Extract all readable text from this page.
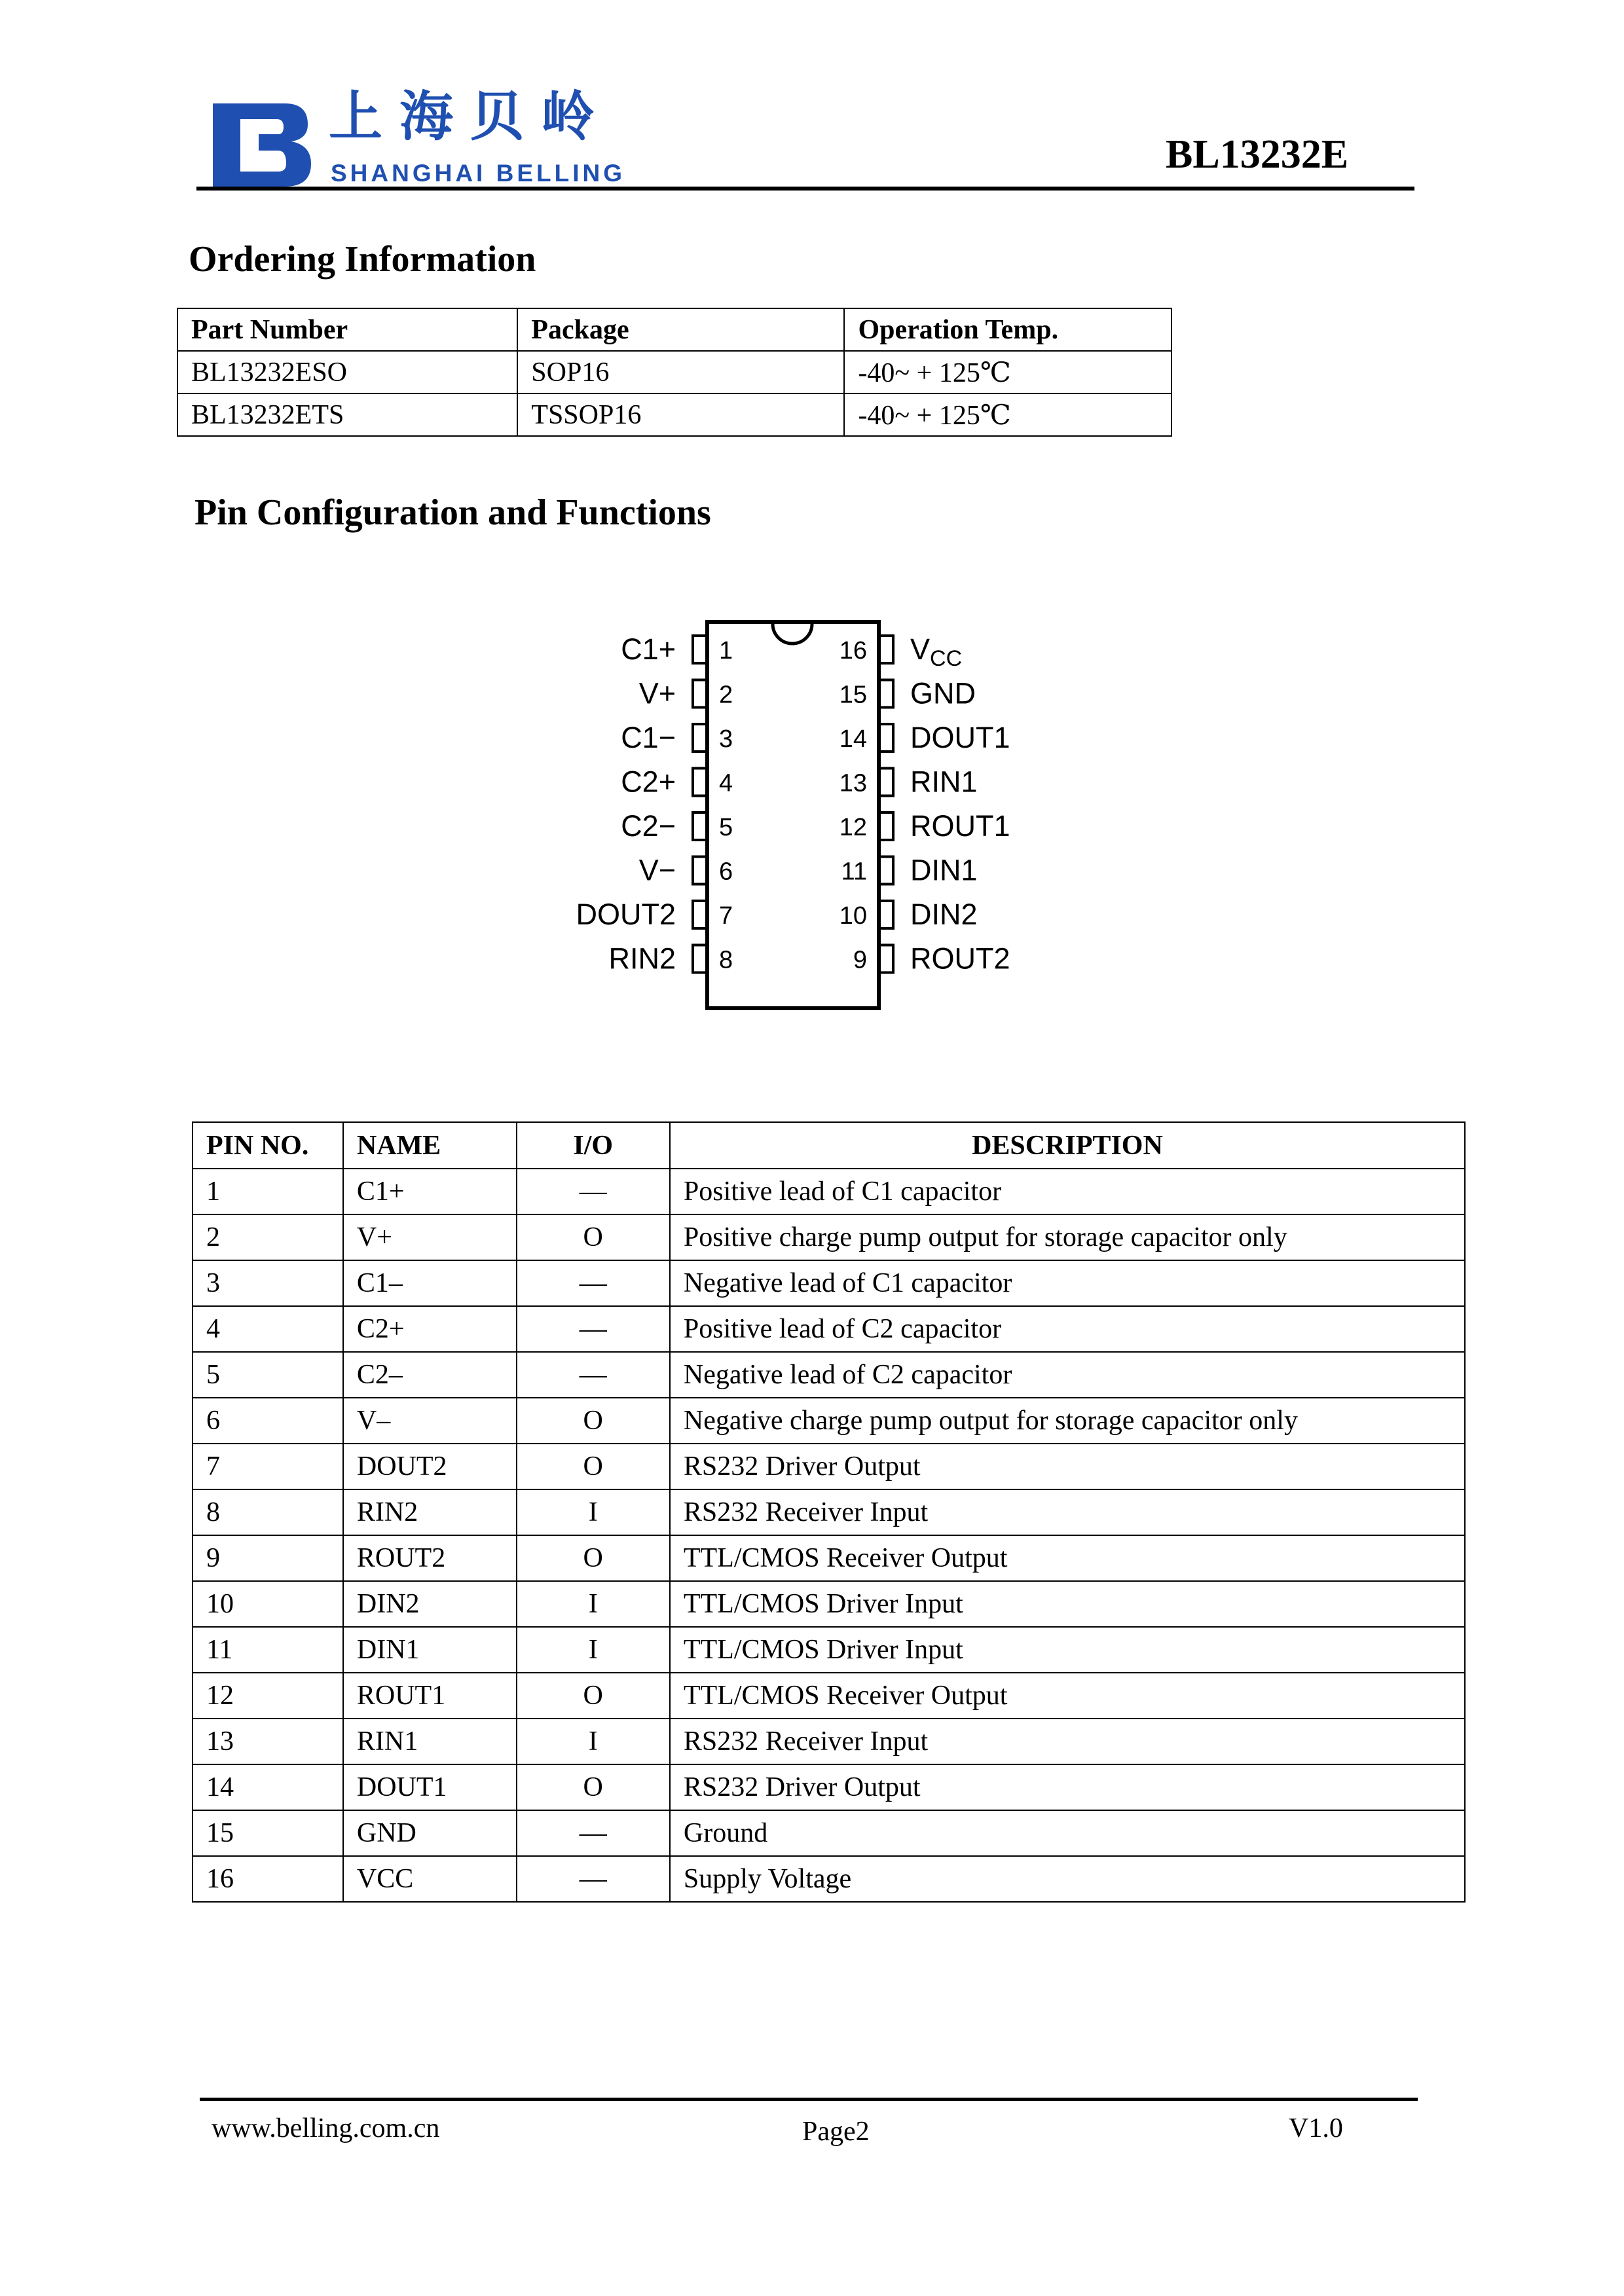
上海贝岭
SHANGHAI BELLING	BL13232E
Ordering Information
Part Number	Package	Operation Temp.
BL13232ESO	SOP16	-40~ + 125℃
BL13232ETS	TSSOP16	-40~ + 125℃
Pin Configuration and Functions
C1+ 1
V+ 2
C1− 3
C2+ 4
C2− 5
V− 6
DOUT2 7
RIN2 8
16 $V_{CC}$
15 GND
14 DOUT1
13 RIN1
12 ROUT1
11 DIN1
10 DIN2
9 ROUT2
PIN NO.	NAME	I/O	DESCRIPTION
1	C1+	—	Positive lead of C1 capacitor
2	V+	O	Positive charge pump output for storage capacitor only
3	C1–	—	Negative lead of C1 capacitor
4	C2+	—	Positive lead of C2 capacitor
5	C2–	—	Negative lead of C2 capacitor
6	V–	O	Negative charge pump output for storage capacitor only
7	DOUT2	O	RS232 Driver Output
8	RIN2	I	RS232 Receiver Input
9	ROUT2	O	TTL/CMOS Receiver Output
10	DIN2	I	TTL/CMOS Driver Input
11	DIN1	I	TTL/CMOS Driver Input
12	ROUT1	O	TTL/CMOS Receiver Output
13	RIN1	I	RS232 Receiver Input
14	DOUT1	O	RS232 Driver Output
15	GND	—	Ground
16	VCC	—	Supply Voltage
www.belling.com.cn	Page2	V1.0
